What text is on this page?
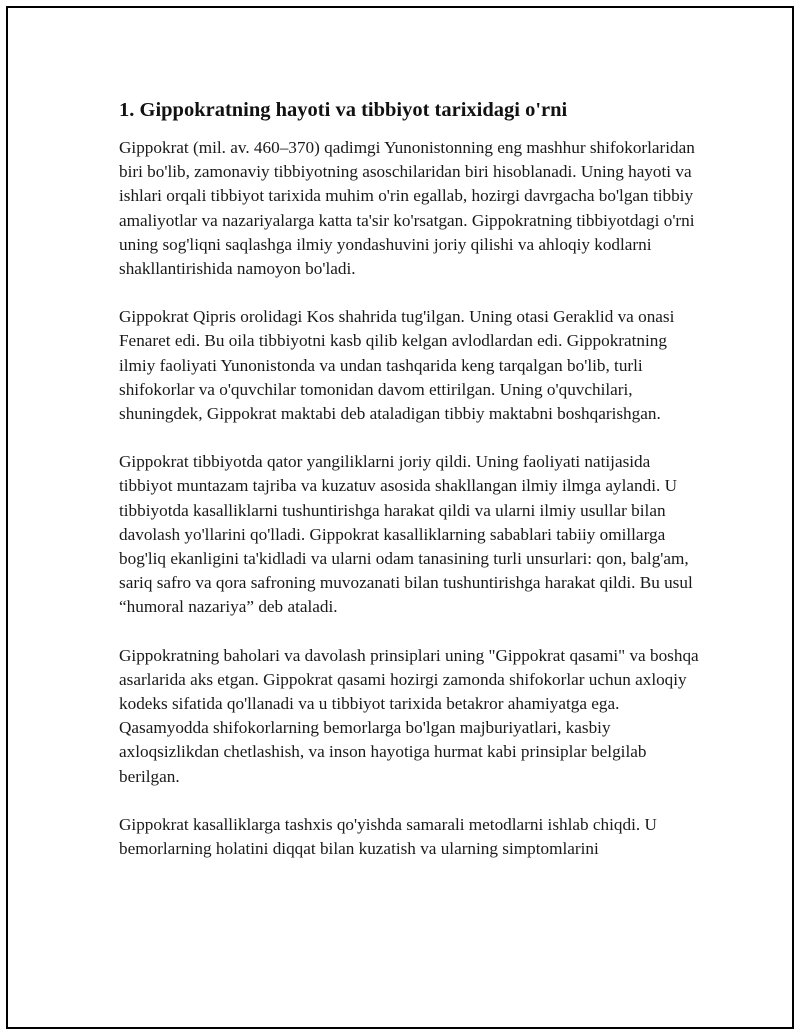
1. Gippokratning hayoti va tibbiyot tarixidagi o'rni

Gippokrat (mil. av. 460–370) qadimgi Yunonistonning eng mashhur shifokorlaridan biri bo'lib, zamonaviy tibbiyotning asoschilaridan biri hisoblanadi. Uning hayoti va ishlari orqali tibbiyot tarixida muhim o'rin egallab, hozirgi davrgacha bo'lgan tibbiy amaliyotlar va nazariyalarga katta ta'sir ko'rsatgan. Gippokratning tibbiyotdagi o'rni uning sog'liqni saqlashga ilmiy yondashuvini joriy qilishi va ahloqiy kodlarni shakllantirishida namoyon bo'ladi.

Gippokrat Qipris orolidagi Kos shahrida tug'ilgan. Uning otasi Geraklid va onasi Fenaret edi. Bu oila tibbiyotni kasb qilib kelgan avlodlardan edi. Gippokratning ilmiy faoliyati Yunonistonda va undan tashqarida keng tarqalgan bo'lib, turli shifokorlar va o'quvchilar tomonidan davom ettirilgan. Uning o'quvchilari, shuningdek, Gippokrat maktabi deb ataladigan tibbiy maktabni boshqarishgan.

Gippokrat tibbiyotda qator yangiliklarni joriy qildi. Uning faoliyati natijasida tibbiyot muntazam tajriba va kuzatuv asosida shakllangan ilmiy ilmga aylandi. U tibbiyotda kasalliklarni tushuntirishga harakat qildi va ularni ilmiy usullar bilan davolash yo'llarini qo'lladi. Gippokrat kasalliklarning sabablari tabiiy omillarga bog'liq ekanligini ta'kidladi va ularni odam tanasining turli unsurlari: qon, balg'am, sariq safro va qora safroning muvozanati bilan tushuntirishga harakat qildi. Bu usul “humoral nazariya” deb ataladi.

Gippokratning baholari va davolash prinsiplari uning "Gippokrat qasami" va boshqa asarlarida aks etgan. Gippokrat qasami hozirgi zamonda shifokorlar uchun axloqiy kodeks sifatida qo'llanadi va u tibbiyot tarixida betakror ahamiyatga ega. Qasamyodda shifokorlarning bemorlarga bo'lgan majburiyatlari, kasbiy axloqsizlikdan chetlashish, va inson hayotiga hurmat kabi prinsiplar belgilab berilgan.

Gippokrat kasalliklarga tashxis qo'yishda samarali metodlarni ishlab chiqdi. U bemorlarning holatini diqqat bilan kuzatish va ularning simptomlarini
